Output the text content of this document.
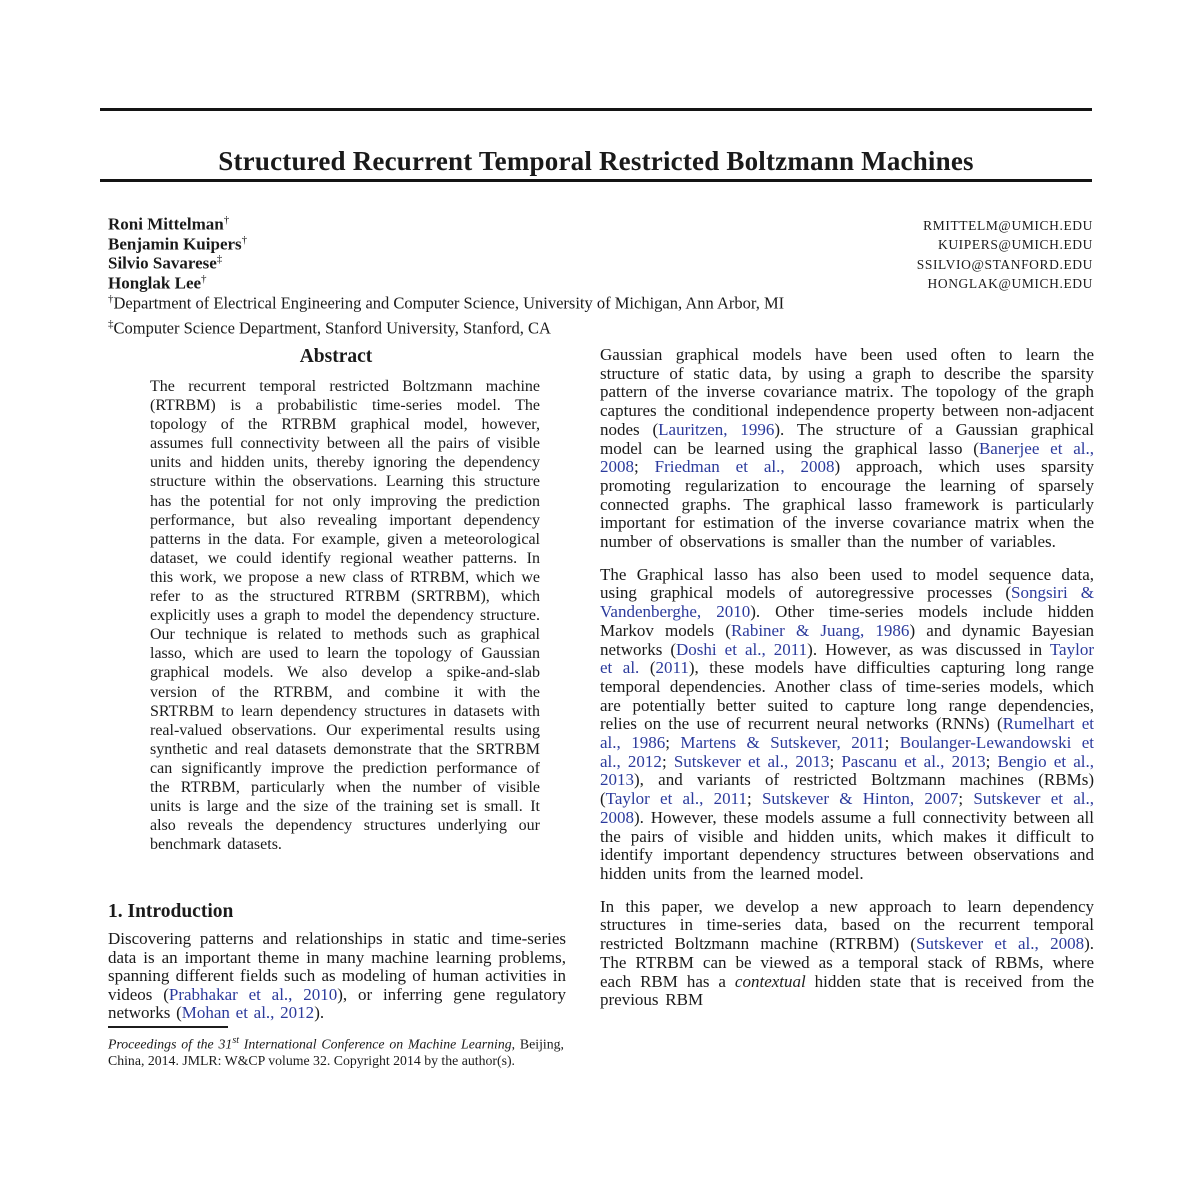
Structured Recurrent Temporal Restricted Boltzmann Machines
Roni Mittelman†	RMITTELM@UMICH.EDU
Benjamin Kuipers†	KUIPERS@UMICH.EDU
Silvio Savarese‡	SSILVIO@STANFORD.EDU
Honglak Lee†	HONGLAK@UMICH.EDU
†Department of Electrical Engineering and Computer Science, University of Michigan, Ann Arbor, MI
‡Computer Science Department, Stanford University, Stanford, CA
Abstract
The recurrent temporal restricted Boltzmann machine (RTRBM) is a probabilistic time-series model. The topology of the RTRBM graphical model, however, assumes full connectivity between all the pairs of visible units and hidden units, thereby ignoring the dependency structure within the observations. Learning this structure has the potential for not only improving the prediction performance, but also revealing important dependency patterns in the data. For example, given a meteorological dataset, we could identify regional weather patterns. In this work, we propose a new class of RTRBM, which we refer to as the structured RTRBM (SRTRBM), which explicitly uses a graph to model the dependency structure. Our technique is related to methods such as graphical lasso, which are used to learn the topology of Gaussian graphical models. We also develop a spike-and-slab version of the RTRBM, and combine it with the SRTRBM to learn dependency structures in datasets with real-valued observations. Our experimental results using synthetic and real datasets demonstrate that the SRTRBM can significantly improve the prediction performance of the RTRBM, particularly when the number of visible units is large and the size of the training set is small. It also reveals the dependency structures underlying our benchmark datasets.
1. Introduction
Discovering patterns and relationships in static and time-series data is an important theme in many machine learning problems, spanning different fields such as modeling of human activities in videos (Prabhakar et al., 2010), or inferring gene regulatory networks (Mohan et al., 2012).
Proceedings of the 31st International Conference on Machine Learning, Beijing, China, 2014. JMLR: W&CP volume 32. Copyright 2014 by the author(s).
Gaussian graphical models have been used often to learn the structure of static data, by using a graph to describe the sparsity pattern of the inverse covariance matrix. The topology of the graph captures the conditional independence property between non-adjacent nodes (Lauritzen, 1996). The structure of a Gaussian graphical model can be learned using the graphical lasso (Banerjee et al., 2008; Friedman et al., 2008) approach, which uses sparsity promoting regularization to encourage the learning of sparsely connected graphs. The graphical lasso framework is particularly important for estimation of the inverse covariance matrix when the number of observations is smaller than the number of variables.
The Graphical lasso has also been used to model sequence data, using graphical models of autoregressive processes (Songsiri & Vandenberghe, 2010). Other time-series models include hidden Markov models (Rabiner & Juang, 1986) and dynamic Bayesian networks (Doshi et al., 2011). However, as was discussed in Taylor et al. (2011), these models have difficulties capturing long range temporal dependencies. Another class of time-series models, which are potentially better suited to capture long range dependencies, relies on the use of recurrent neural networks (RNNs) (Rumelhart et al., 1986; Martens & Sutskever, 2011; Boulanger-Lewandowski et al., 2012; Sutskever et al., 2013; Pascanu et al., 2013; Bengio et al., 2013), and variants of restricted Boltzmann machines (RBMs) (Taylor et al., 2011; Sutskever & Hinton, 2007; Sutskever et al., 2008). However, these models assume a full connectivity between all the pairs of visible and hidden units, which makes it difficult to identify important dependency structures between observations and hidden units from the learned model.
In this paper, we develop a new approach to learn dependency structures in time-series data, based on the recurrent temporal restricted Boltzmann machine (RTRBM) (Sutskever et al., 2008). The RTRBM can be viewed as a temporal stack of RBMs, where each RBM has a contextual hidden state that is received from the previous RBM
